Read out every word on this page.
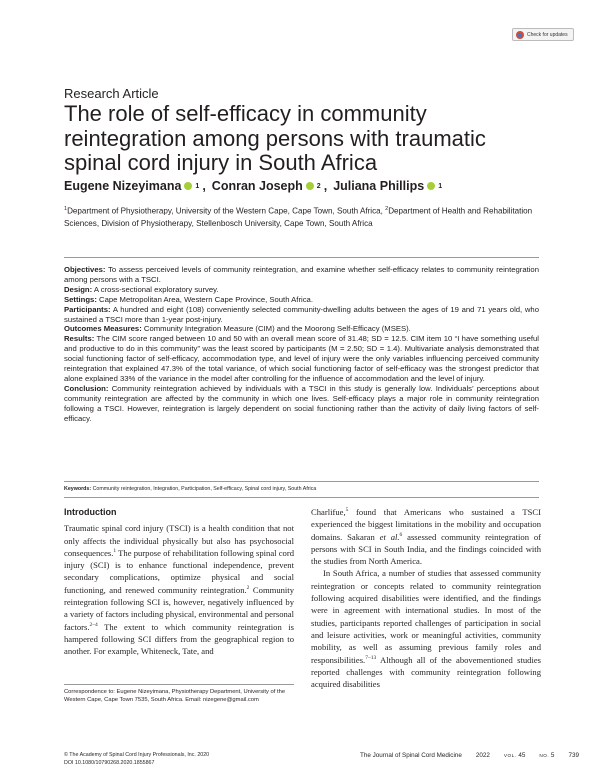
Check for updates
Research Article
The role of self-efficacy in community reintegration among persons with traumatic spinal cord injury in South Africa
Eugene Nizeyimana 1 , Conran Joseph 2 , Juliana Phillips 1
$^1$Department of Physiotherapy, University of the Western Cape, Cape Town, South Africa, $^2$Department of Health and Rehabilitation Sciences, Division of Physiotherapy, Stellenbosch University, Cape Town, South Africa

Objectives: To assess perceived levels of community reintegration, and examine whether self-efficacy relates to community reintegration among persons with a TSCI.

Design: A cross-sectional exploratory survey.

Settings: Cape Metropolitan Area, Western Cape Province, South Africa.

Participants: A hundred and eight (108) conveniently selected community-dwelling adults between the ages of 19 and 71 years old, who sustained a TSCI more than 1-year post-injury.

Outcomes Measures: Community Integration Measure (CIM) and the Moorong Self-Efficacy (MSES).

Results: The CIM score ranged between 10 and 50 with an overall mean score of 31.48; SD = 12.5. CIM item 10 “I have something useful and productive to do in this community” was the least scored by participants (M = 2.50; SD = 1.4). Multivariate analysis demonstrated that social functioning factor of self-efficacy, accommodation type, and level of injury were the only variables influencing perceived community reintegration that explained 47.3% of the total variance, of which social functioning factor of self-efficacy was the strongest predictor that alone explained 33% of the variance in the model after controlling for the influence of accommodation and the level of injury.

Conclusion: Community reintegration achieved by individuals with a TSCI in this study is generally low. Individuals’ perceptions about community reintegration are affected by the community in which one lives. Self-efficacy plays a major role in community reintegration following a TSCI. However, reintegration is largely dependent on social functioning rather than the activity of daily living factors of self-efficacy.

Keywords: Community reintegration, Integration, Participation, Self-efficacy, Spinal cord injury, South Africa

Introduction

Traumatic spinal cord injury (TSCI) is a health condition that not only affects the individual physically but also has psychosocial consequences.$^1$ The purpose of rehabilitation following spinal cord injury (SCI) is to enhance functional independence, prevent secondary complications, optimize physical and social functioning, and renewed community reintegration.$^2$ Community reintegration following SCI is, however, negatively influenced by a variety of factors including physical, environmental and personal factors.$^{2-4}$ The extent to which community reintegration is hampered following SCI differs from the geographical region to another. For example, Whiteneck, Tate, and

Correspondence to: Eugene Nizeyimana, Physiotherapy Department, University of the Western Cape, Cape Town 7535, South Africa. Email: nizegene@gmail.com

Charlifue,$^5$ found that Americans who sustained a TSCI experienced the biggest limitations in the mobility and occupation domains. Sakaran et al.$^6$ assessed community reintegration of persons with SCI in South India, and the findings coincided with the studies from North America.

In South Africa, a number of studies that assessed community reintegration or concepts related to community reintegration following acquired disabilities were identified, and the findings were in agreement with international studies. In most of the studies, participants reported challenges of participation in social and leisure activities, work or meaningful activities, community mobility, as well as assuming previous family roles and responsibilities.$^{7-13}$ Although all of the abovementioned studies reported challenges with community reintegration following acquired disabilities

© The Academy of Spinal Cord Injury Professionals, Inc. 2020
DOI 10.1080/10790268.2020.1855867
The Journal of Spinal Cord Medicine 2022	VOL. 45	NO. 5 739
